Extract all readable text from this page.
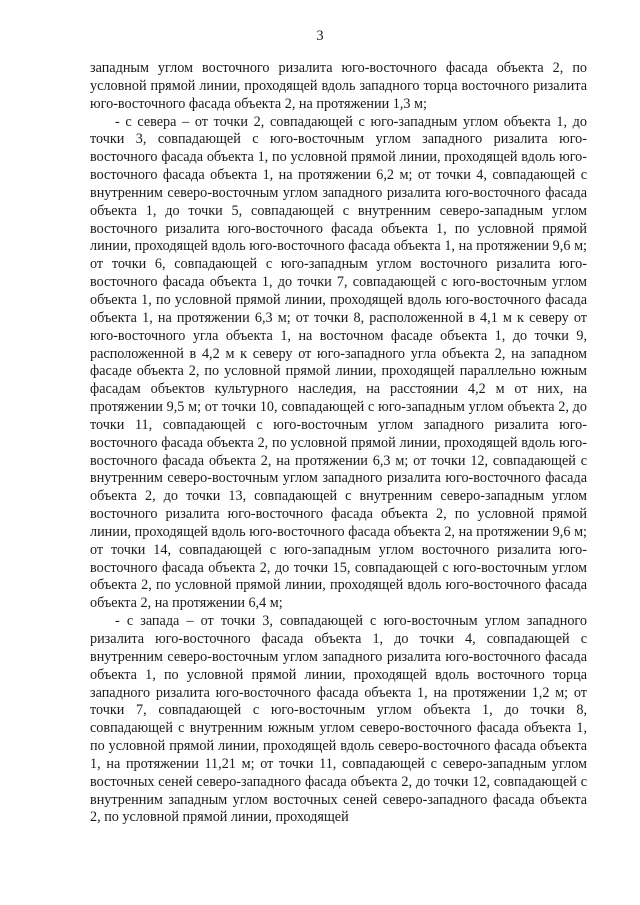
3

западным углом восточного ризалита юго-восточного фасада объекта 2, по условной прямой линии, проходящей вдоль западного торца восточного ризалита юго-восточного фасада объекта 2, на протяжении 1,3 м;

- с севера – от точки 2, совпадающей с юго-западным углом объекта 1, до точки 3, совпадающей с юго-восточным углом западного ризалита юго-восточного фасада объекта 1, по условной прямой линии, проходящей вдоль юго-восточного фасада объекта 1, на протяжении 6,2 м; от точки 4, совпадающей с внутренним северо-восточным углом западного ризалита юго-восточного фасада объекта 1, до точки 5, совпадающей с внутренним северо-западным углом восточного ризалита юго-восточного фасада объекта 1, по условной прямой линии, проходящей вдоль юго-восточного фасада объекта 1, на протяжении 9,6 м; от точки 6, совпадающей с юго-западным углом восточного ризалита юго-восточного фасада объекта 1, до точки 7, совпадающей с юго-восточным углом объекта 1, по условной прямой линии, проходящей вдоль юго-восточного фасада объекта 1, на протяжении 6,3 м; от точки 8, расположенной в 4,1 м к северу от юго-восточного угла объекта 1, на восточном фасаде объекта 1, до точки 9, расположенной в 4,2 м к северу от юго-западного угла объекта 2, на западном фасаде объекта 2, по условной прямой линии, проходящей параллельно южным фасадам объектов культурного наследия, на расстоянии 4,2 м от них, на протяжении 9,5 м; от точки 10, совпадающей с юго-западным углом объекта 2, до точки 11, совпадающей с юго-восточным углом западного ризалита юго-восточного фасада объекта 2, по условной прямой линии, проходящей вдоль юго-восточного фасада объекта 2, на протяжении 6,3 м; от точки 12, совпадающей с внутренним северо-восточным углом западного ризалита юго-восточного фасада объекта 2, до точки 13, совпадающей с внутренним северо-западным углом восточного ризалита юго-восточного фасада объекта 2, по условной прямой линии, проходящей вдоль юго-восточного фасада объекта 2, на протяжении 9,6 м; от точки 14, совпадающей с юго-западным углом восточного ризалита юго-восточного фасада объекта 2, до точки 15, совпадающей с юго-восточным углом объекта 2, по условной прямой линии, проходящей вдоль юго-восточного фасада объекта 2, на протяжении 6,4 м;

- с запада – от точки 3, совпадающей с юго-восточным углом западного ризалита юго-восточного фасада объекта 1, до точки 4, совпадающей с внутренним северо-восточным углом западного ризалита юго-восточного фасада объекта 1, по условной прямой линии, проходящей вдоль восточного торца западного ризалита юго-восточного фасада объекта 1, на протяжении 1,2 м; от точки 7, совпадающей с юго-восточным углом объекта 1, до точки 8, совпадающей с внутренним южным углом северо-восточного фасада объекта 1, по условной прямой линии, проходящей вдоль северо-восточного фасада объекта 1, на протяжении 11,21 м; от точки 11, совпадающей с северо-западным углом восточных сеней северо-западного фасада объекта 2, до точки 12, совпадающей с внутренним западным углом восточных сеней северо-западного фасада объекта 2, по условной прямой линии, проходящей
